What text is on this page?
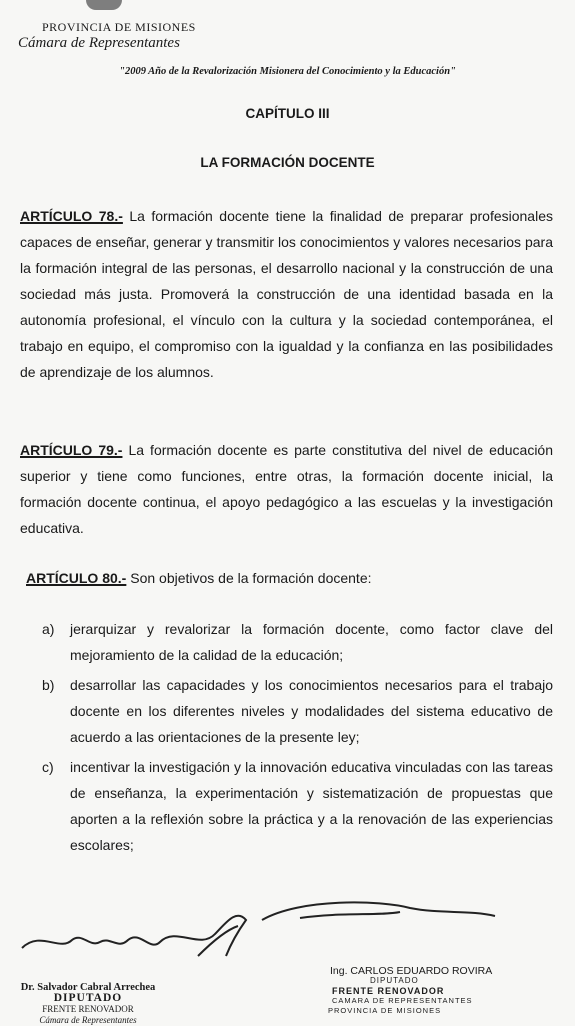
PROVINCIA DE MISIONES
Cámara de Representantes
"2009 Año de la Revalorización Misionera del Conocimiento y la Educación"
CAPÍTULO III
LA FORMACIÓN DOCENTE

ARTÍCULO 78.- La formación docente tiene la finalidad de preparar profesionales capaces de enseñar, generar y transmitir los conocimientos y valores necesarios para la formación integral de las personas, el desarrollo nacional y la construcción de una sociedad más justa. Promoverá la construcción de una identidad basada en la autonomía profesional, el vínculo con la cultura y la sociedad contemporánea, el trabajo en equipo, el compromiso con la igualdad y la confianza en las posibilidades de aprendizaje de los alumnos.

ARTÍCULO 79.- La formación docente es parte constitutiva del nivel de educación superior y tiene como funciones, entre otras, la formación docente inicial, la formación docente continua, el apoyo pedagógico a las escuelas y la investigación educativa.

ARTÍCULO 80.- Son objetivos de la formación docente:

a)	jerarquizar y revalorizar la formación docente, como factor clave del mejoramiento de la calidad de la educación;
b)	desarrollar las capacidades y los conocimientos necesarios para el trabajo docente en los diferentes niveles y modalidades del sistema educativo de acuerdo a las orientaciones de la presente ley;
c)	incentivar la investigación y la innovación educativa vinculadas con las tareas de enseñanza, la experimentación y sistematización de propuestas que aporten a la reflexión sobre la práctica y a la renovación de las experiencias escolares;
Dr. Salvador Cabral Arrechea
DIPUTADO
FRENTE RENOVADOR
Cámara de Representantes
Ing. CARLOS EDUARDO ROVIRA
DIPUTADO
FRENTE RENOVADOR
CAMARA DE REPRESENTANTES
PROVINCIA DE MISIONES
